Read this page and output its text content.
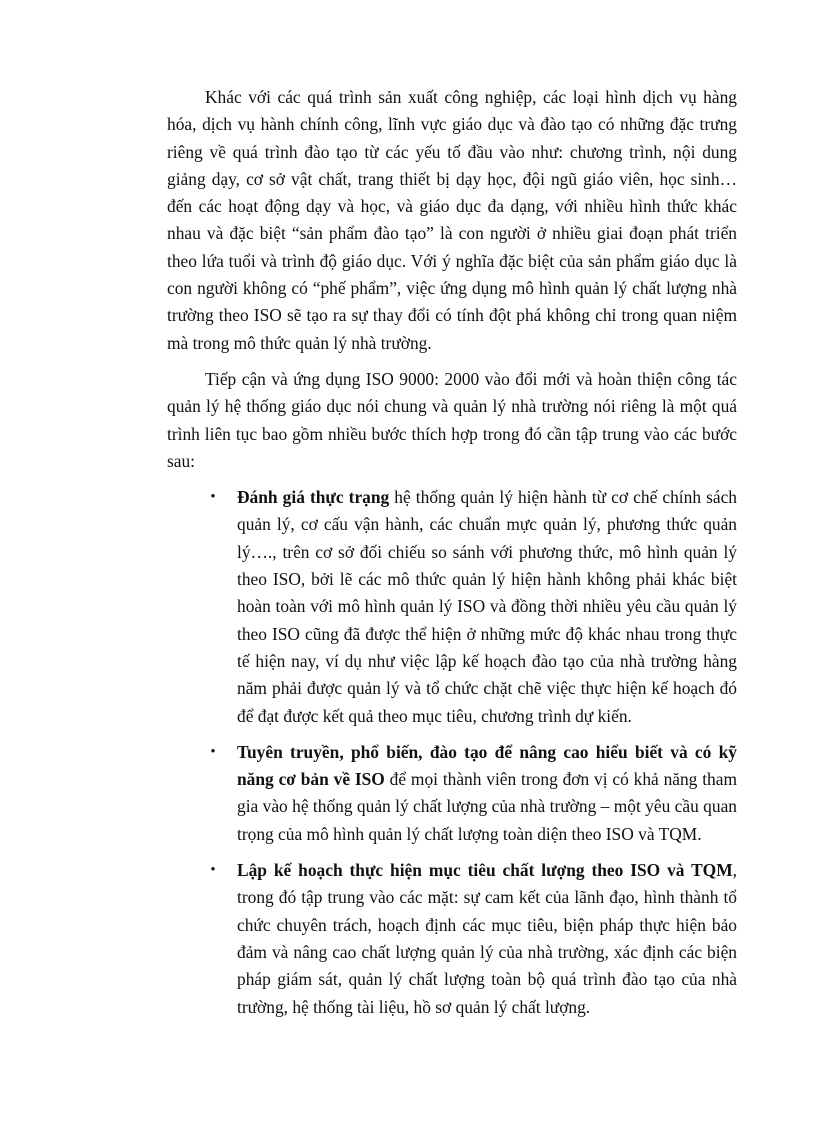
Khác với các quá trình sản xuất công nghiệp, các loại hình dịch vụ hàng hóa, dịch vụ hành chính công, lĩnh vực giáo dục và đào tạo có những đặc trưng riêng về quá trình đào tạo từ các yếu tố đầu vào như: chương trình, nội dung giảng dạy, cơ sở vật chất, trang thiết bị dạy học, đội ngũ giáo viên, học sinh… đến các hoạt động dạy và học, và giáo dục đa dạng, với nhiều hình thức khác nhau và đặc biệt “sản phẩm đào tạo” là con người ở nhiều giai đoạn phát triển theo lứa tuổi và trình độ giáo dục. Với ý nghĩa đặc biệt của sản phẩm giáo dục là con người không có “phế phẩm”, việc ứng dụng mô hình quản lý chất lượng nhà trường theo ISO sẽ tạo ra sự thay đổi có tính đột phá không chỉ trong quan niệm mà trong mô thức quản lý nhà trường.

Tiếp cận và ứng dụng ISO 9000: 2000 vào đổi mới và hoàn thiện công tác quản lý hệ thống giáo dục nói chung và quản lý nhà trường nói riêng là một quá trình liên tục bao gồm nhiều bước thích hợp trong đó cần tập trung vào các bước sau:

• Đánh giá thực trạng hệ thống quản lý hiện hành từ cơ chế chính sách quản lý, cơ cấu vận hành, các chuẩn mực quản lý, phương thức quản lý…., trên cơ sở đối chiếu so sánh với phương thức, mô hình quản lý theo ISO, bởi lẽ các mô thức quản lý hiện hành không phải khác biệt hoàn toàn với mô hình quản lý ISO và đồng thời nhiều yêu cầu quản lý theo ISO cũng đã được thể hiện ở những mức độ khác nhau trong thực tế hiện nay, ví dụ như việc lập kế hoạch đào tạo của nhà trường hàng năm phải được quản lý và tổ chức chặt chẽ việc thực hiện kế hoạch đó để đạt được kết quả theo mục tiêu, chương trình dự kiến.
• Tuyên truyền, phổ biến, đào tạo để nâng cao hiểu biết và có kỹ năng cơ bản về ISO để mọi thành viên trong đơn vị có khả năng tham gia vào hệ thống quản lý chất lượng của nhà trường – một yêu cầu quan trọng của mô hình quản lý chất lượng toàn diện theo ISO và TQM.
• Lập kế hoạch thực hiện mục tiêu chất lượng theo ISO và TQM, trong đó tập trung vào các mặt: sự cam kết của lãnh đạo, hình thành tổ chức chuyên trách, hoạch định các mục tiêu, biện pháp thực hiện bảo đảm và nâng cao chất lượng quản lý của nhà trường, xác định các biện pháp giám sát, quản lý chất lượng toàn bộ quá trình đào tạo của nhà trường, hệ thống tài liệu, hồ sơ quản lý chất lượng.
